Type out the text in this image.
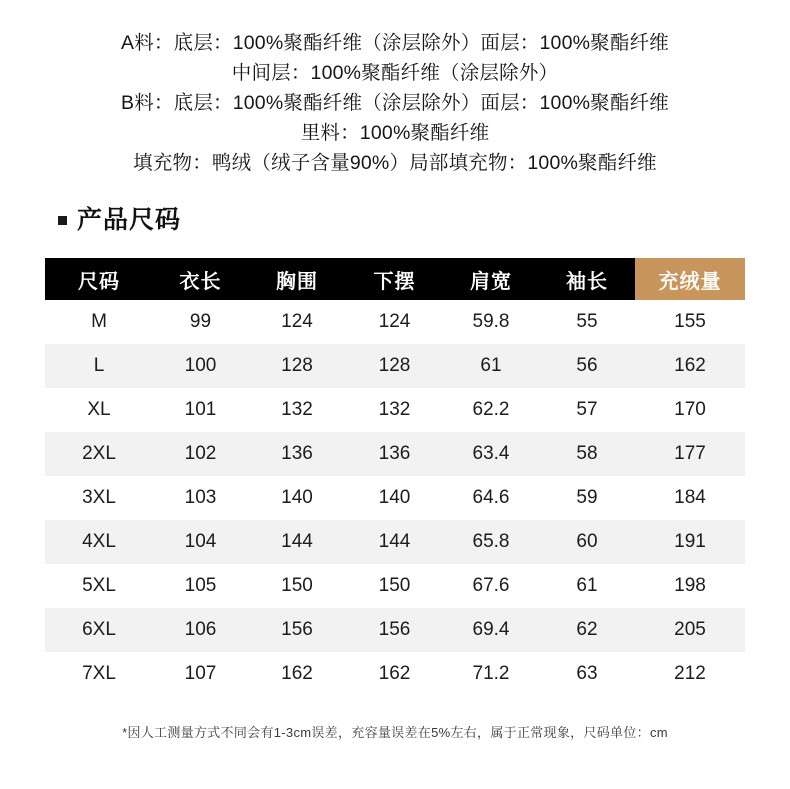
A料：底层：100%聚酯纤维（涂层除外）面层：100%聚酯纤维
中间层：100%聚酯纤维（涂层除外）
B料：底层：100%聚酯纤维（涂层除外）面层：100%聚酯纤维
里料：100%聚酯纤维
填充物：鸭绒（绒子含量90%）局部填充物：100%聚酯纤维
产品尺码
尺码	衣长	胸围	下摆	肩宽	袖长	充绒量
M	99	124	124	59.8	55	155
L	100	128	128	61	56	162
XL	101	132	132	62.2	57	170
2XL	102	136	136	63.4	58	177
3XL	103	140	140	64.6	59	184
4XL	104	144	144	65.8	60	191
5XL	105	150	150	67.6	61	198
6XL	106	156	156	69.4	62	205
7XL	107	162	162	71.2	63	212
*因人工测量方式不同会有1-3cm误差，充容量误差在5%左右，属于正常现象，尺码单位：cm
